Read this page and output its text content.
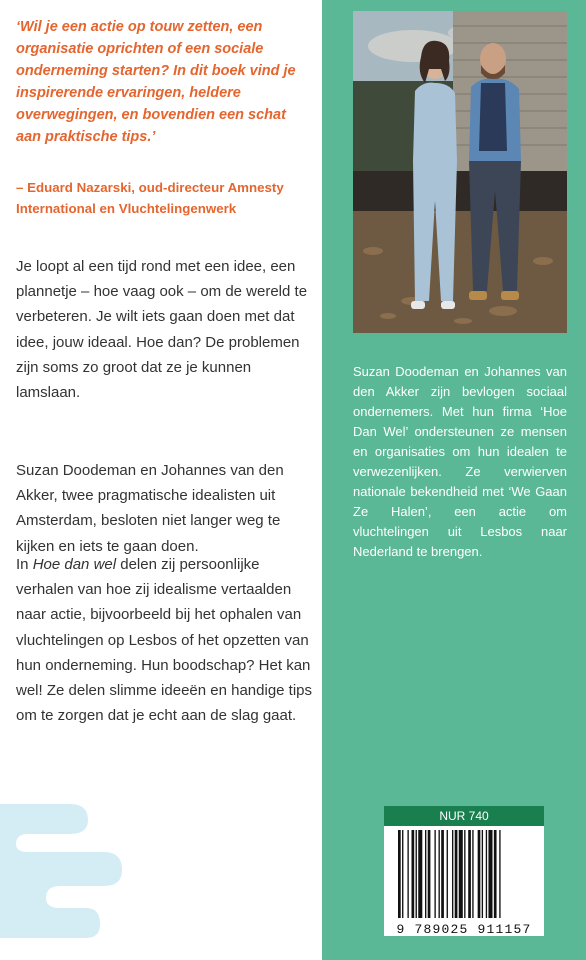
‘Wil je een actie op touw zetten, een organisatie oprichten of een sociale onderneming starten? In dit boek vind je inspirerende ervaringen, heldere overwegingen, en bovendien een schat aan praktische tips.’

– Eduard Nazarski, oud-directeur Amnesty International en Vluchtelingenwerk

Je loopt al een tijd rond met een idee, een plannetje – hoe vaag ook – om de wereld te verbeteren. Je wilt iets gaan doen met dat idee, jouw ideaal. Hoe dan? De problemen zijn soms zo groot dat ze je kunnen lamslaan.

Suzan Doodeman en Johannes van den Akker, twee pragmatische idealisten uit Amsterdam, besloten niet langer weg te kijken en iets te gaan doen.

In Hoe dan wel delen zij persoonlijke verhalen van hoe zij idealisme vertaalden naar actie, bijvoorbeeld bij het ophalen van vluchtelingen op Lesbos of het opzetten van hun onderneming. Hun boodschap? Het kan wel! Ze delen slimme ideeën en handige tips om te zorgen dat je echt aan de slag gaat.

Suzan Doodeman en Johannes van den Akker zijn bevlogen sociaal ondernemers. Met hun firma ‘Hoe Dan Wel’ ondersteunen ze mensen en organisaties om hun idealen te verwezenlijken. Ze verwierven nationale bekendheid met ‘We Gaan Ze Halen’, een actie om vluchtelingen uit Lesbos naar Nederland te brengen.

NUR 740
9 789025 911157
